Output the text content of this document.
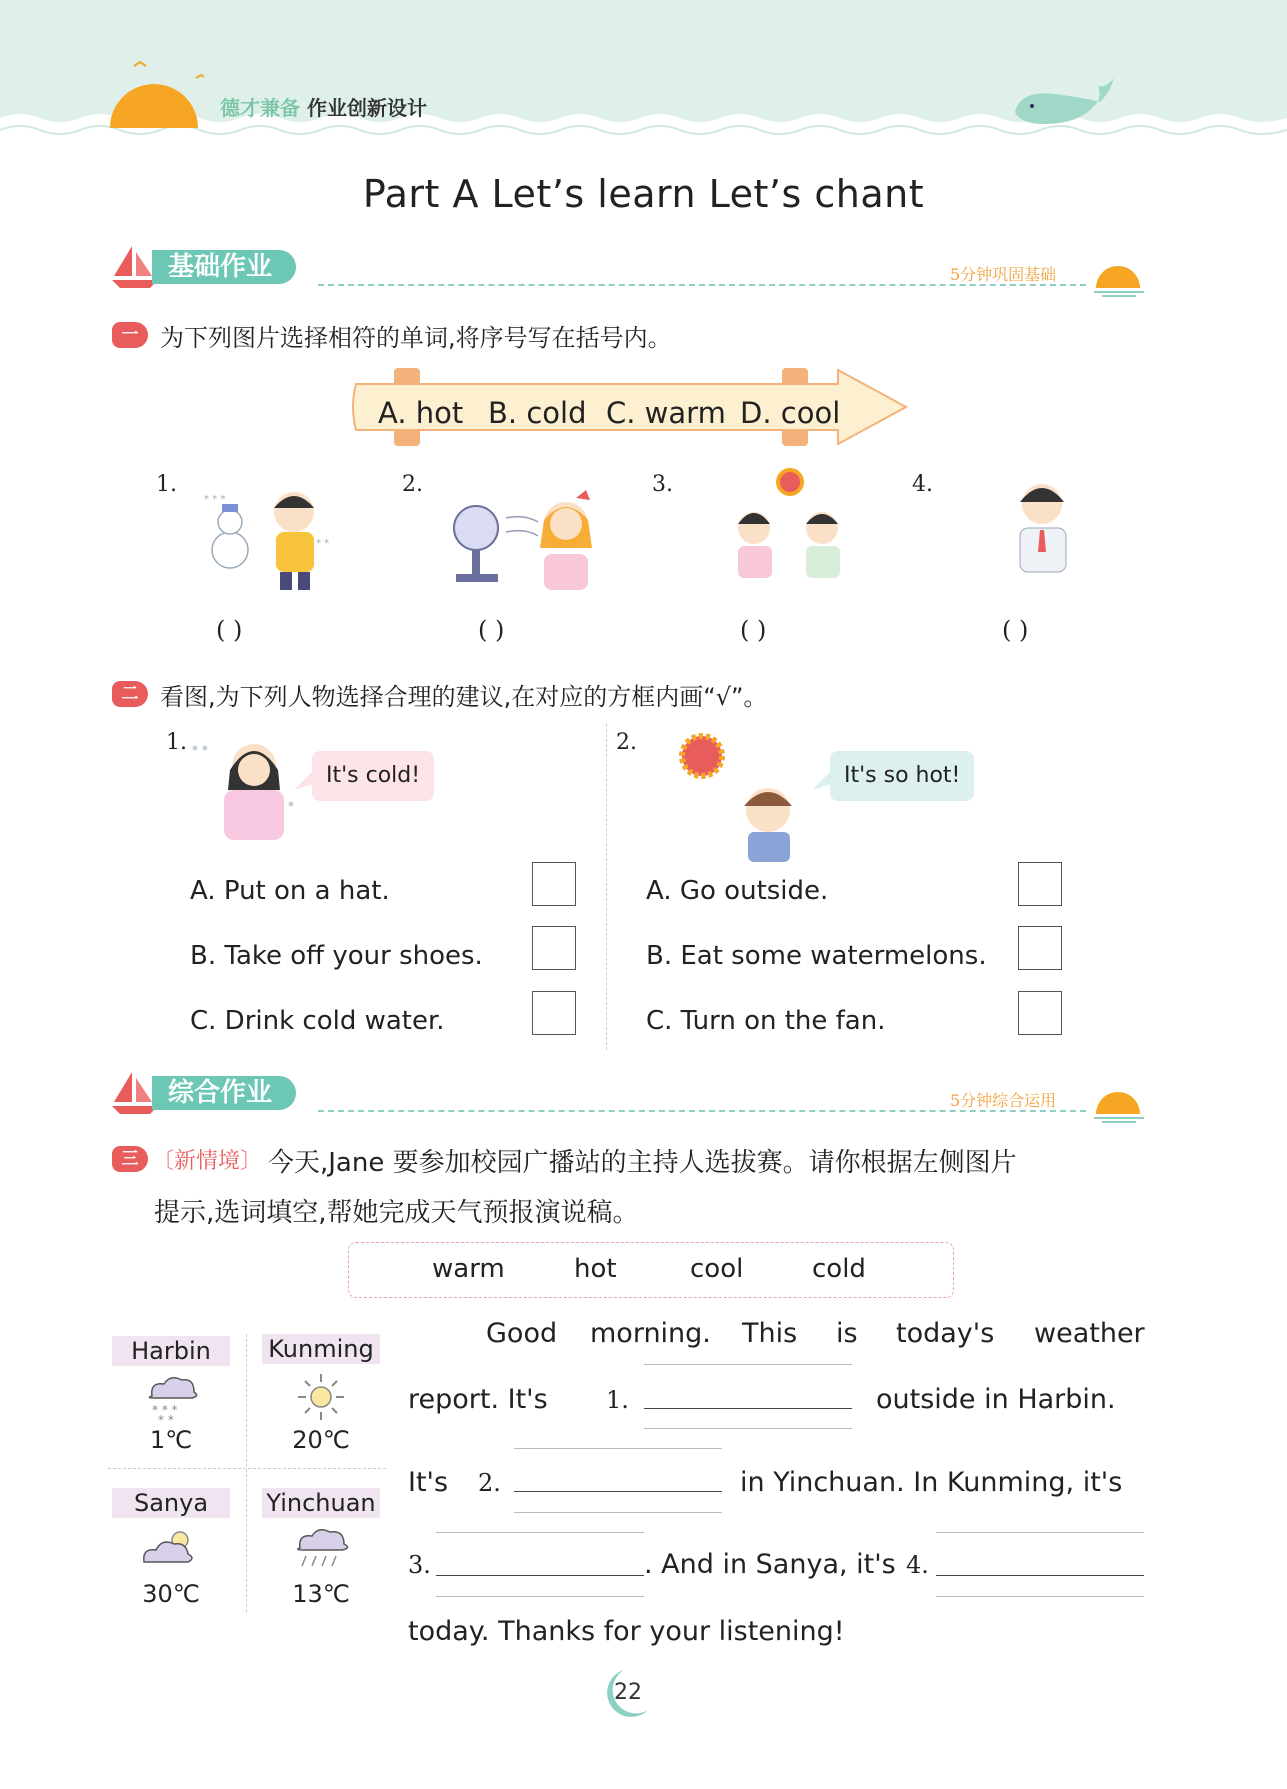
德才兼备 作业创新设计
Part A Let’s learn Let’s chant
基础作业	5分钟巩固基础
一 为下列图片选择相符的单词,将序号写在括号内。
A. hot B. cold C. warm D. cool
1.	2.	3.	4.
* * *
* *
( )	( )	( )	( )
二 看图,为下列人物选择合理的建议,在对应的方框内画“√”。
1. * *
*
It's cold!
A. Put on a hat.
B. Take off your shoes.
C. Drink cold water.
2.
It's so hot!
A. Go outside.
B. Eat some watermelons.
C. Turn on the fan.
综合作业	5分钟综合运用
三 〔新情境〕 今天,Jane 要参加校园广播站的主持人选拔赛。请你根据左侧图片
提示,选词填空,帮她完成天气预报演说稿。
warm	hot	cool	cold
Harbin
* * *
* *
1℃
Kunming
20℃
Sanya
30℃
Yinchuan
13℃
Good morning. This is today's weather
report. It's 1.	outside in Harbin.
It's 2.	in Yinchuan. In Kunming, it's
3.	. And in Sanya, it's 4.
today. Thanks for your listening!
22
